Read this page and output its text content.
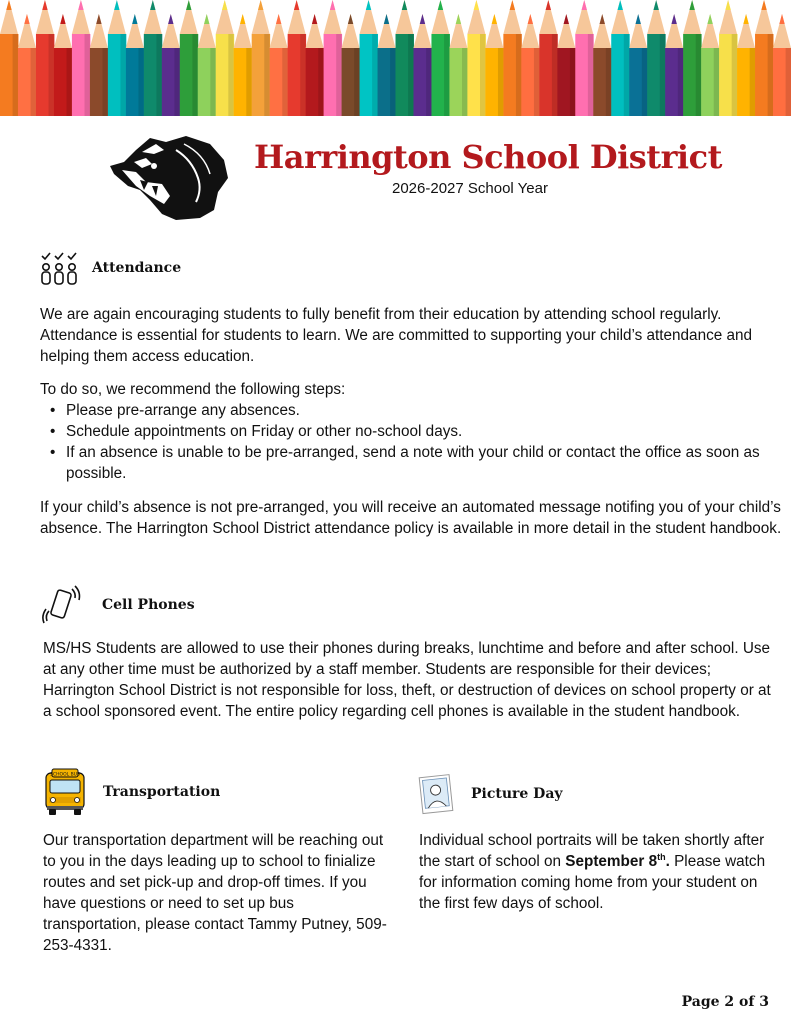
Harrington School District
2026-2027 School Year
Attendance

We are again encouraging students to fully benefit from their education by attending school regularly. Attendance is essential for students to learn. We are committed to supporting your child’s attendance and helping them access education.

To do so, we recommend the following steps:

• Please pre-arrange any absences.
• Schedule appointments on Friday or other no-school days.
• If an absence is unable to be pre-arranged, send a note with your child or contact the office as soon as possible.

If your child’s absence is not pre-arranged, you will receive an automated message notifing you of your child’s absence. The Harrington School District attendance policy is available in more detail in the student handbook.

Cell Phones

MS/HS Students are allowed to use their phones during breaks, lunchtime and before and after school. Use at any other time must be authorized by a staff member. Students are responsible for their devices; Harrington School District is not responsible for loss, theft, or destruction of devices on school property or at a school sponsored event. The entire policy regarding cell phones is available in the student handbook.

SCHOOL BUS
Transportation

Our transportation department will be reaching out to you in the days leading up to school to finialize routes and set pick-up and drop-off times. If you have questions or need to set up bus transportation, please contact Tammy Putney, 509-253-4331.

Picture Day

Individual school portraits will be taken shortly after the start of school on September 8th. Please watch for information coming home from your student on the first few days of school.

Page 2 of 3
